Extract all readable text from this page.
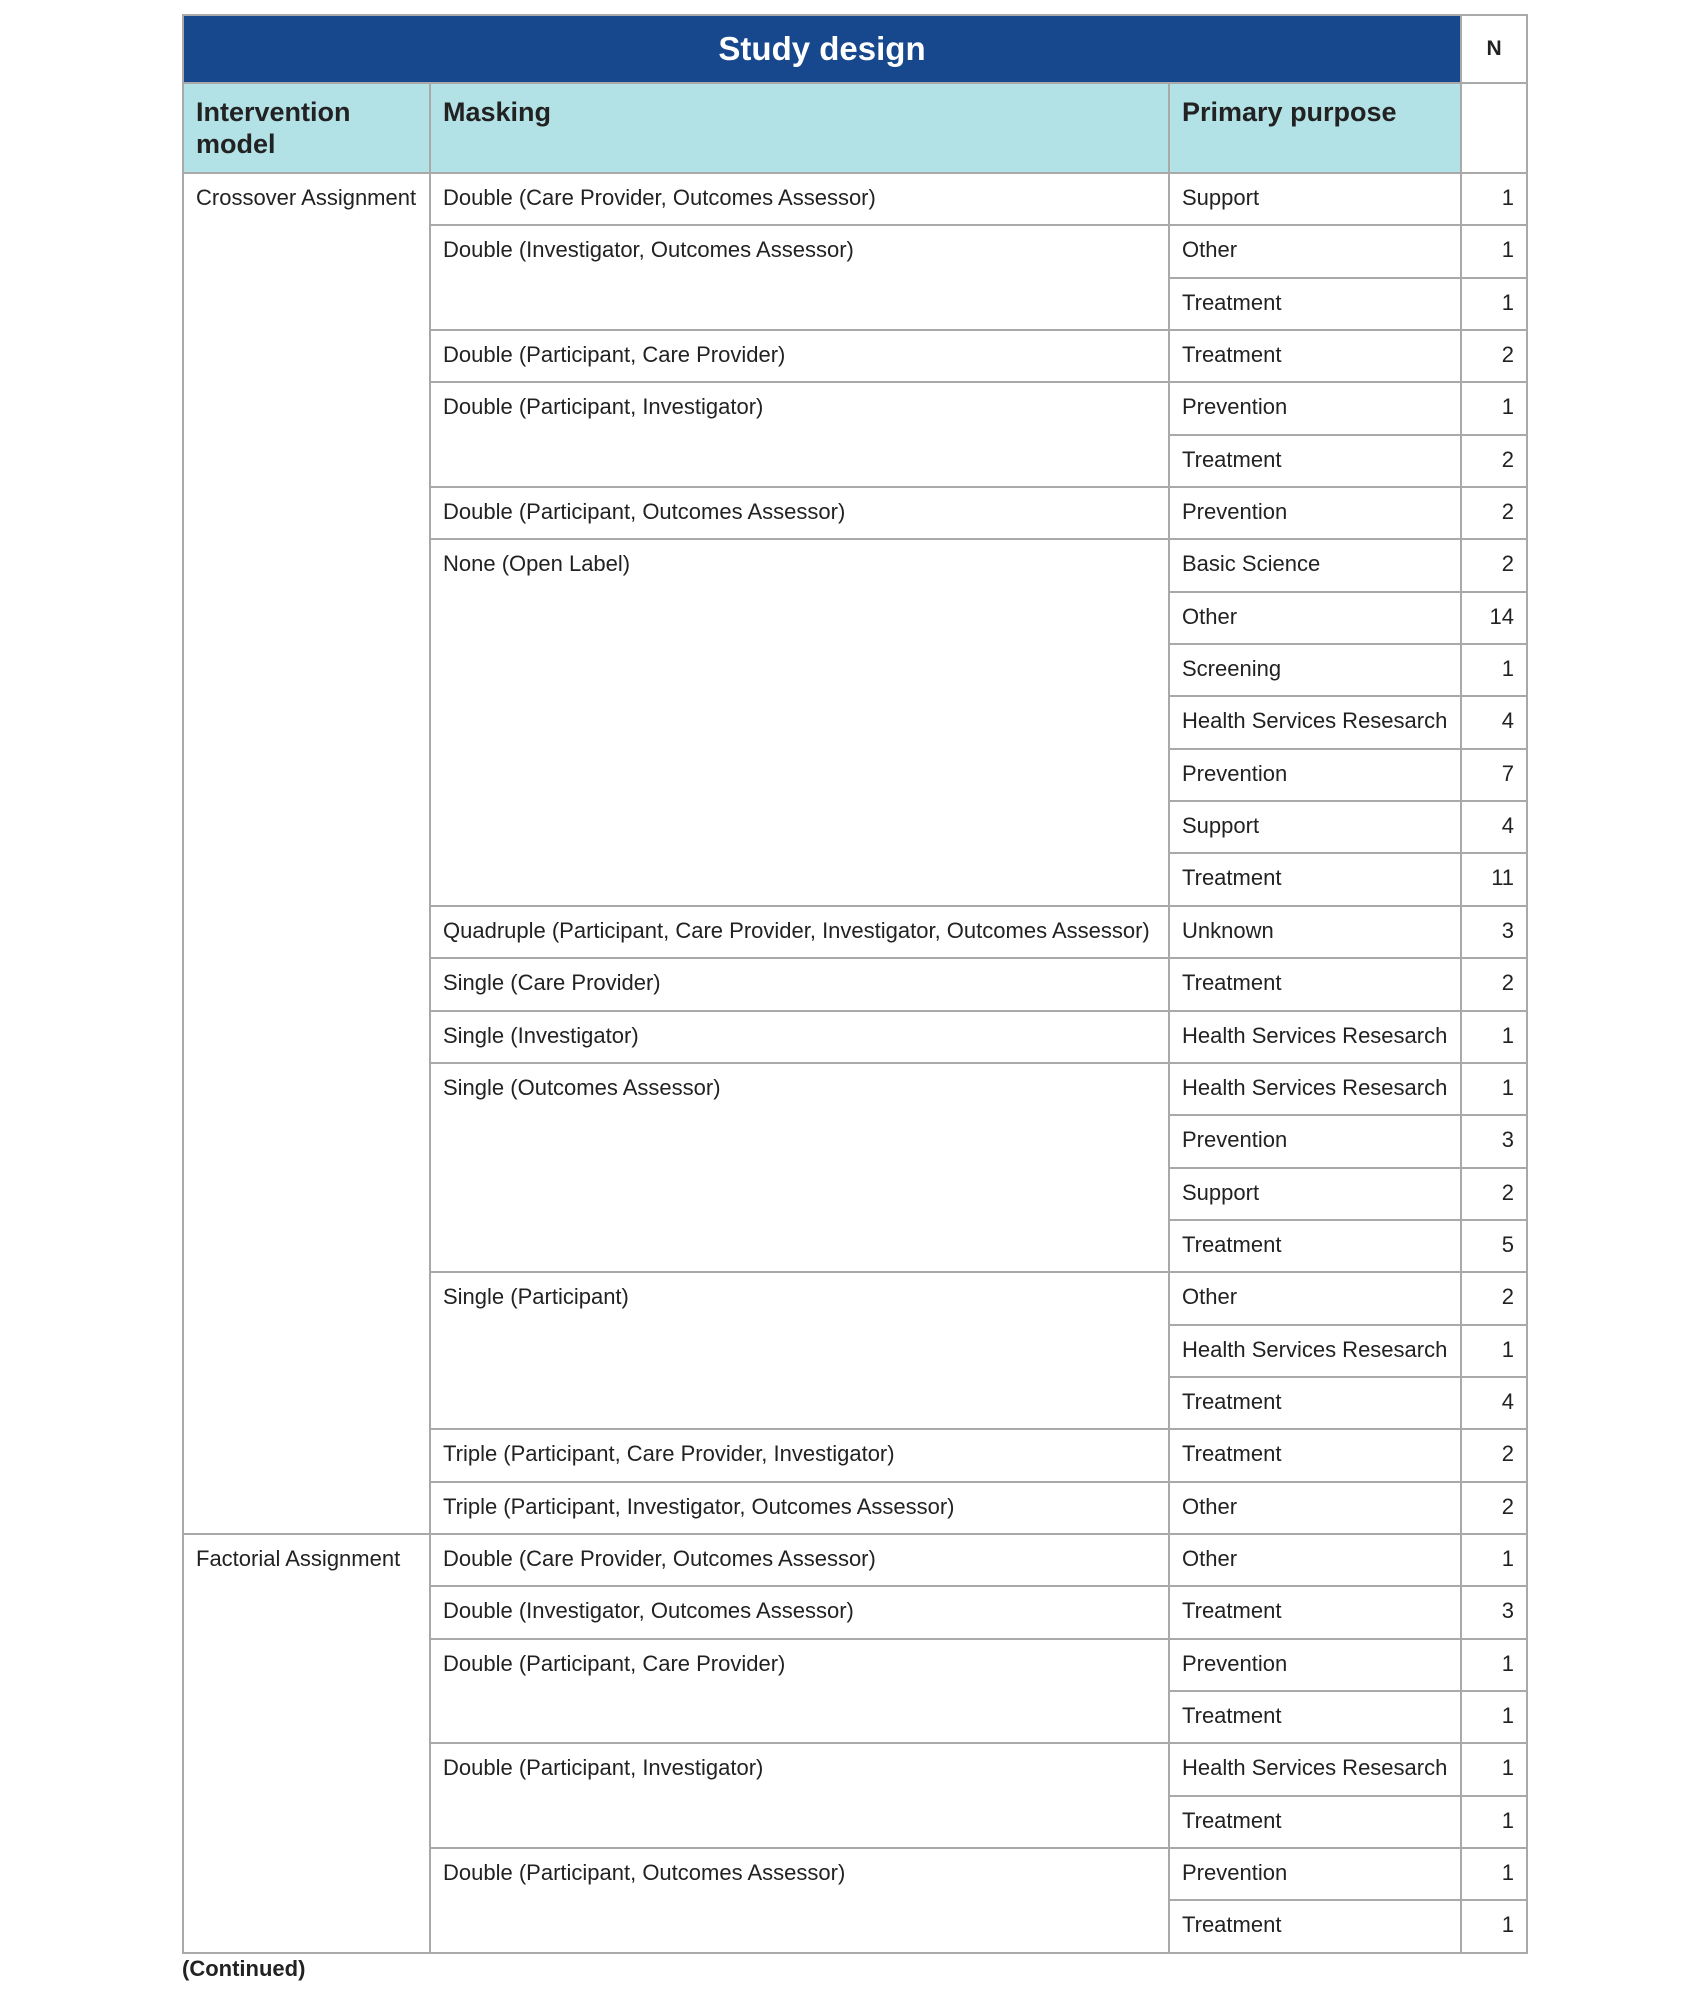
Study design			N
Intervention model	Masking	Primary purpose	
Crossover Assignment	Double (Care Provider, Outcomes Assessor)	Support	1
	Double (Investigator, Outcomes Assessor)	Other	1
		Treatment	1
	Double (Participant, Care Provider)	Treatment	2
	Double (Participant, Investigator)	Prevention	1
		Treatment	2
	Double (Participant, Outcomes Assessor)	Prevention	2
	None (Open Label)	Basic Science	2
		Other	14
		Screening	1
		Health Services Resesarch	4
		Prevention	7
		Support	4
		Treatment	11
	Quadruple (Participant, Care Provider, Investigator, Outcomes Assessor)	Unknown	3
	Single (Care Provider)	Treatment	2
	Single (Investigator)	Health Services Resesarch	1
	Single (Outcomes Assessor)	Health Services Resesarch	1
		Prevention	3
		Support	2
		Treatment	5
	Single (Participant)	Other	2
		Health Services Resesarch	1
		Treatment	4
	Triple (Participant, Care Provider, Investigator)	Treatment	2
	Triple (Participant, Investigator, Outcomes Assessor)	Other	2
Factorial Assignment	Double (Care Provider, Outcomes Assessor)	Other	1
	Double (Investigator, Outcomes Assessor)	Treatment	3
	Double (Participant, Care Provider)	Prevention	1
		Treatment	1
	Double (Participant, Investigator)	Health Services Resesarch	1
		Treatment	1
	Double (Participant, Outcomes Assessor)	Prevention	1
		Treatment	1
(Continued)
